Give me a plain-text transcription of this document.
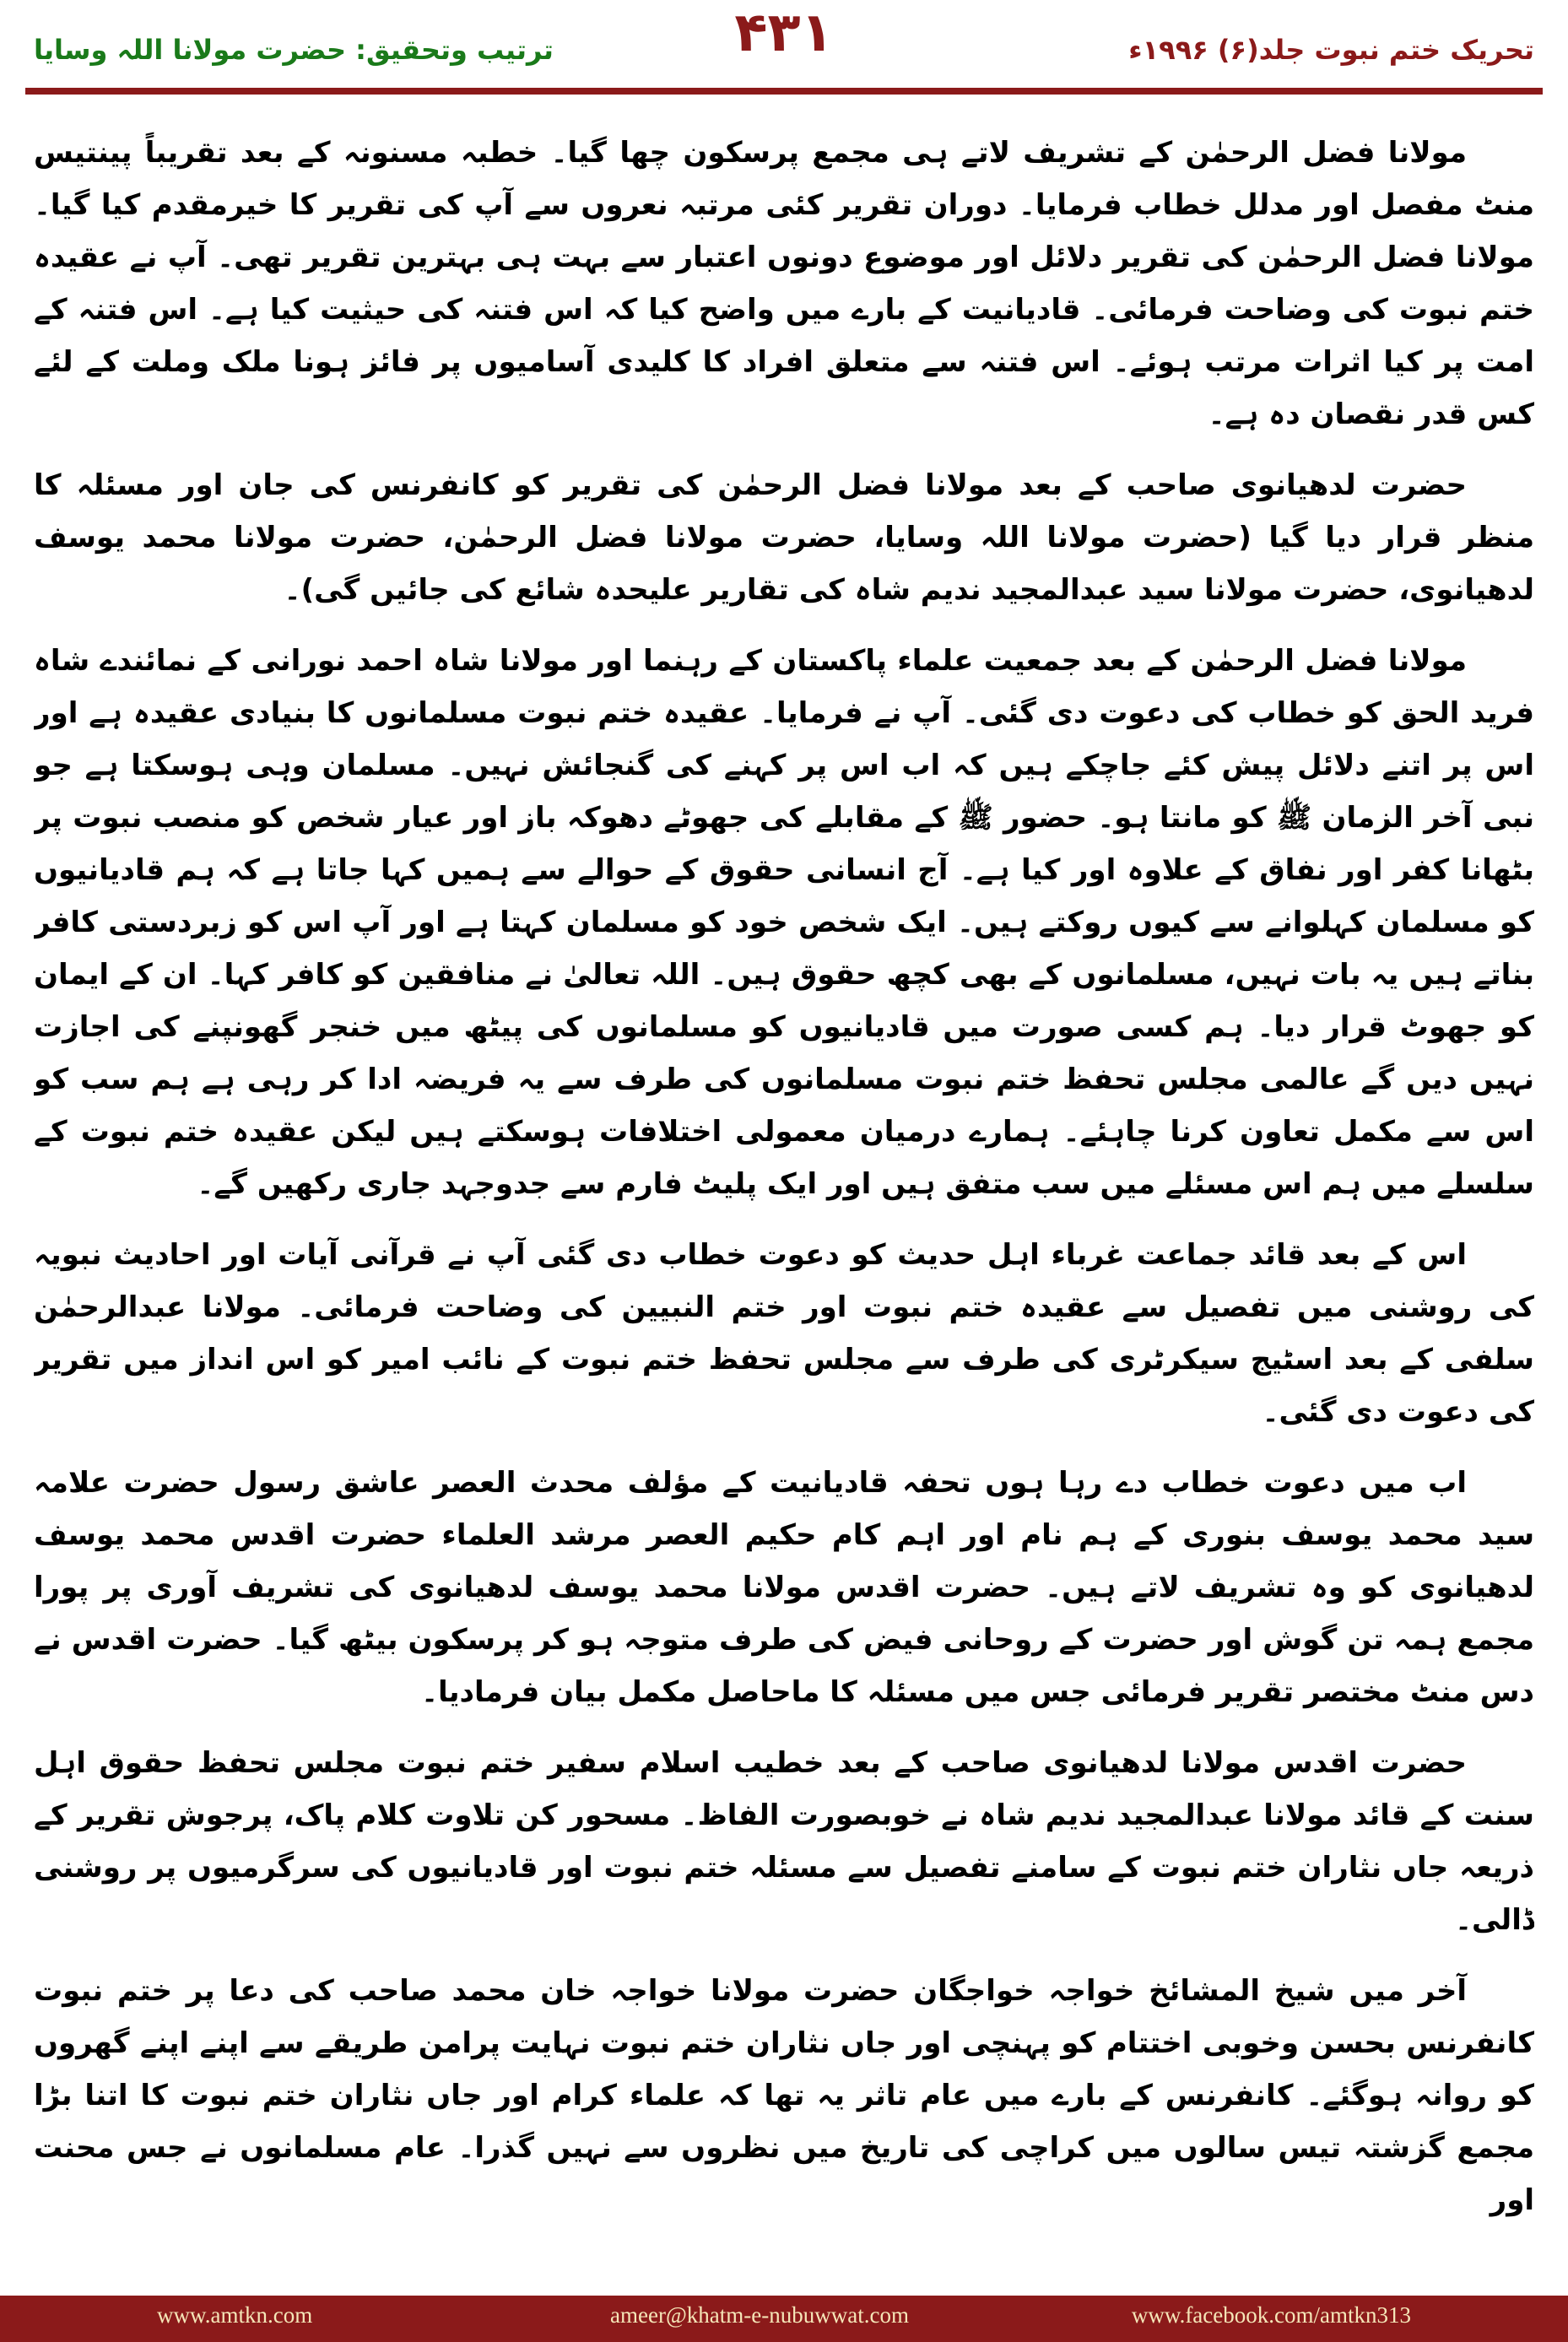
ترتیب وتحقیق: حضرت مولانا اللہ وسایا	۴۳۱	تحریک ختم نبوت جلد(۶) ۱۹۹۶ء

مولانا فضل الرحمٰن کے تشریف لاتے ہی مجمع پرسکون چھا گیا۔ خطبہ مسنونہ کے بعد تقریباً پینتیس منٹ مفصل اور مدلل خطاب فرمایا۔ دوران تقریر کئی مرتبہ نعروں سے آپ کی تقریر کا خیرمقدم کیا گیا۔ مولانا فضل الرحمٰن کی تقریر دلائل اور موضوع دونوں اعتبار سے بہت ہی بہترین تقریر تھی۔ آپ نے عقیدہ ختم نبوت کی وضاحت فرمائی۔ قادیانیت کے بارے میں واضح کیا کہ اس فتنہ کی حیثیت کیا ہے۔ اس فتنہ کے امت پر کیا اثرات مرتب ہوئے۔ اس فتنہ سے متعلق افراد کا کلیدی آسامیوں پر فائز ہونا ملک وملت کے لئے کس قدر نقصان دہ ہے۔

حضرت لدھیانوی صاحب کے بعد مولانا فضل الرحمٰن کی تقریر کو کانفرنس کی جان اور مسئلہ کا منظر قرار دیا گیا (حضرت مولانا اللہ وسایا، حضرت مولانا فضل الرحمٰن، حضرت مولانا محمد یوسف لدھیانوی، حضرت مولانا سید عبدالمجید ندیم شاہ کی تقاریر علیحدہ شائع کی جائیں گی)۔

مولانا فضل الرحمٰن کے بعد جمعیت علماء پاکستان کے رہنما اور مولانا شاہ احمد نورانی کے نمائندے شاہ فرید الحق کو خطاب کی دعوت دی گئی۔ آپ نے فرمایا۔ عقیدہ ختم نبوت مسلمانوں کا بنیادی عقیدہ ہے اور اس پر اتنے دلائل پیش کئے جاچکے ہیں کہ اب اس پر کہنے کی گنجائش نہیں۔ مسلمان وہی ہوسکتا ہے جو نبی آخر الزمان ﷺ کو مانتا ہو۔ حضور ﷺ کے مقابلے کی جھوٹے دھوکہ باز اور عیار شخص کو منصب نبوت پر بٹھانا کفر اور نفاق کے علاوہ اور کیا ہے۔ آج انسانی حقوق کے حوالے سے ہمیں کہا جاتا ہے کہ ہم قادیانیوں کو مسلمان کہلوانے سے کیوں روکتے ہیں۔ ایک شخص خود کو مسلمان کہتا ہے اور آپ اس کو زبردستی کافر بناتے ہیں یہ بات نہیں، مسلمانوں کے بھی کچھ حقوق ہیں۔ اللہ تعالیٰ نے منافقین کو کافر کہا۔ ان کے ایمان کو جھوٹ قرار دیا۔ ہم کسی صورت میں قادیانیوں کو مسلمانوں کی پیٹھ میں خنجر گھونپنے کی اجازت نہیں دیں گے عالمی مجلس تحفظ ختم نبوت مسلمانوں کی طرف سے یہ فریضہ ادا کر رہی ہے ہم سب کو اس سے مکمل تعاون کرنا چاہئے۔ ہمارے درمیان معمولی اختلافات ہوسکتے ہیں لیکن عقیدہ ختم نبوت کے سلسلے میں ہم اس مسئلے میں سب متفق ہیں اور ایک پلیٹ فارم سے جدوجہد جاری رکھیں گے۔

اس کے بعد قائد جماعت غرباء اہل حدیث کو دعوت خطاب دی گئی آپ نے قرآنی آیات اور احادیث نبویہ کی روشنی میں تفصیل سے عقیدہ ختم نبوت اور ختم النبیین کی وضاحت فرمائی۔ مولانا عبدالرحمٰن سلفی کے بعد اسٹیج سیکرٹری کی طرف سے مجلس تحفظ ختم نبوت کے نائب امیر کو اس انداز میں تقریر کی دعوت دی گئی۔

اب میں دعوت خطاب دے رہا ہوں تحفہ قادیانیت کے مؤلف محدث العصر عاشق رسول حضرت علامہ سید محمد یوسف بنوری کے ہم نام اور اہم کام حکیم العصر مرشد العلماء حضرت اقدس محمد یوسف لدھیانوی کو وہ تشریف لاتے ہیں۔ حضرت اقدس مولانا محمد یوسف لدھیانوی کی تشریف آوری پر پورا مجمع ہمہ تن گوش اور حضرت کے روحانی فیض کی طرف متوجہ ہو کر پرسکون بیٹھ گیا۔ حضرت اقدس نے دس منٹ مختصر تقریر فرمائی جس میں مسئلہ کا ماحاصل مکمل بیان فرمادیا۔

حضرت اقدس مولانا لدھیانوی صاحب کے بعد خطیب اسلام سفیر ختم نبوت مجلس تحفظ حقوق اہل سنت کے قائد مولانا عبدالمجید ندیم شاہ نے خوبصورت الفاظ۔ مسحور کن تلاوت کلام پاک، پرجوش تقریر کے ذریعہ جاں نثاران ختم نبوت کے سامنے تفصیل سے مسئلہ ختم نبوت اور قادیانیوں کی سرگرمیوں پر روشنی ڈالی۔

آخر میں شیخ المشائخ خواجہ خواجگان حضرت مولانا خواجہ خان محمد صاحب کی دعا پر ختم نبوت کانفرنس بحسن وخوبی اختتام کو پہنچی اور جاں نثاران ختم نبوت نہایت پرامن طریقے سے اپنے اپنے گھروں کو روانہ ہوگئے۔ کانفرنس کے بارے میں عام تاثر یہ تھا کہ علماء کرام اور جاں نثاران ختم نبوت کا اتنا بڑا مجمع گزشتہ تیس سالوں میں کراچی کی تاریخ میں نظروں سے نہیں گذرا۔ عام مسلمانوں نے جس محنت اور

www.amtkn.com	ameer@khatm-e-nubuwwat.com	www.facebook.com/amtkn313
